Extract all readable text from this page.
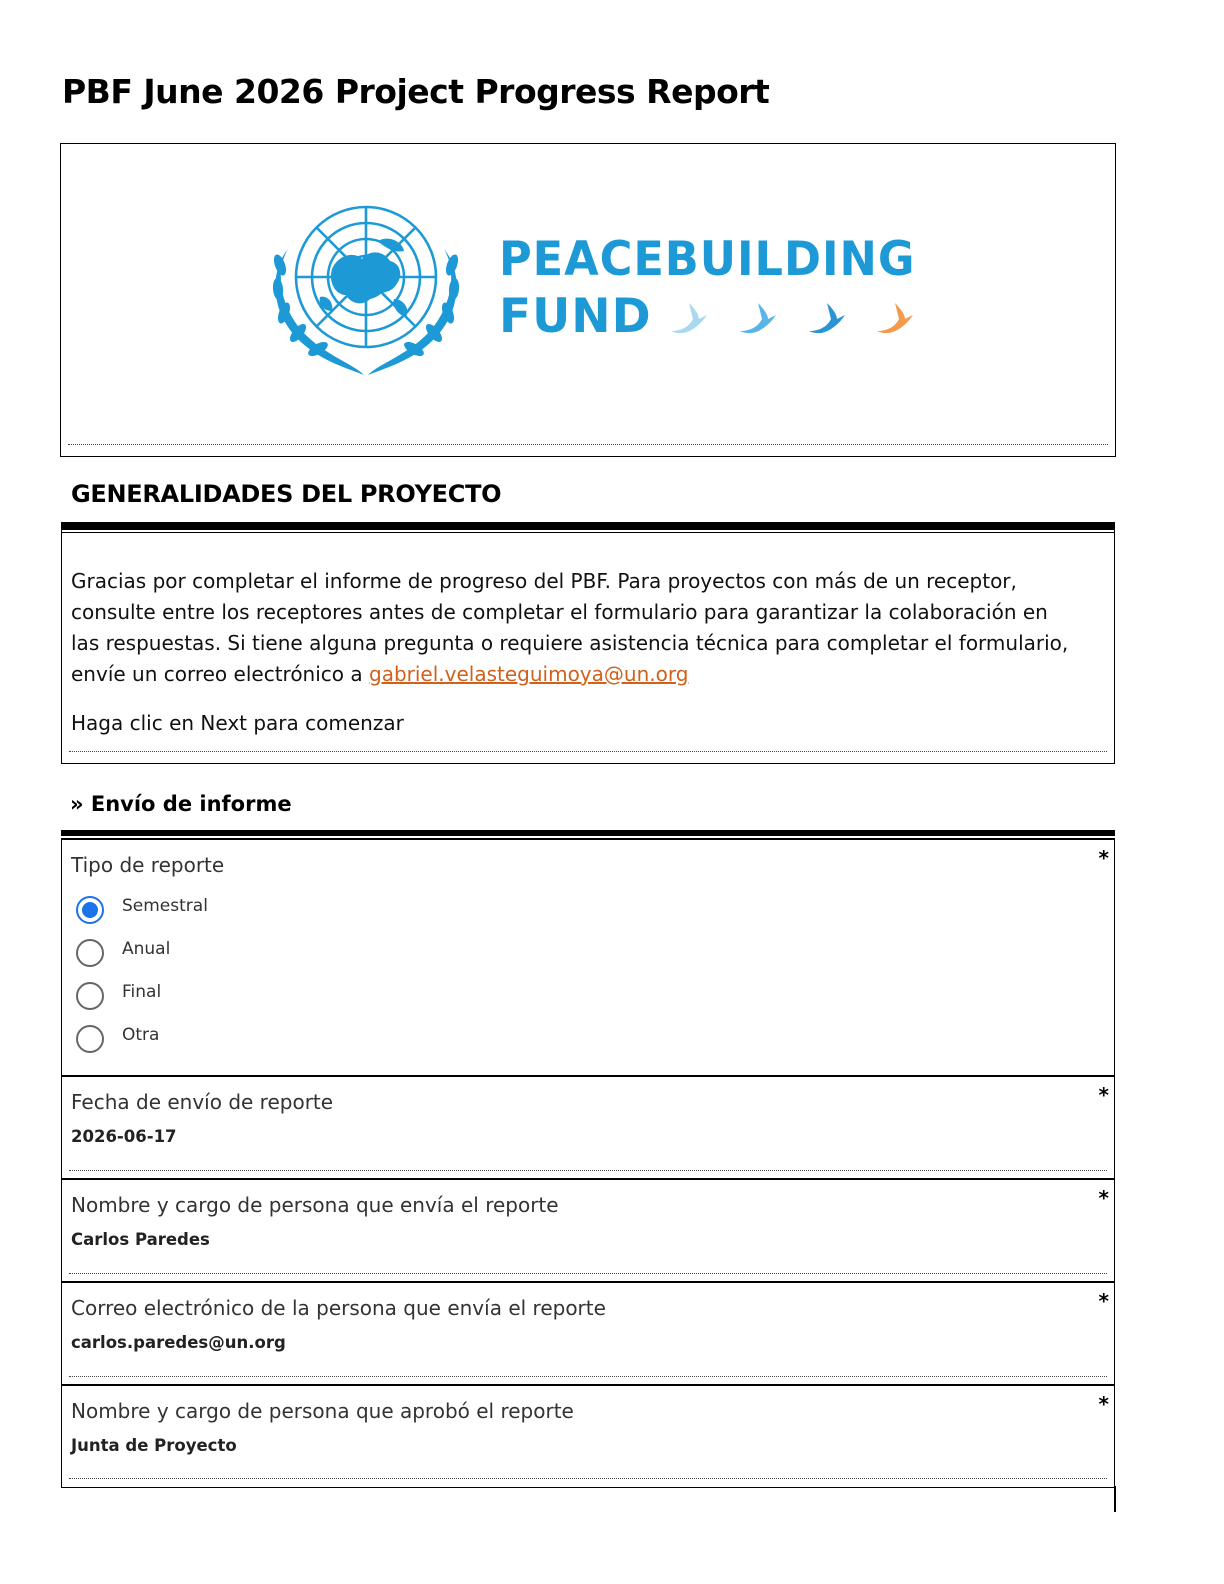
PBF June 2026 Project Progress Report
PEACEBUILDING
FUND
GENERALIDADES DEL PROYECTO

Gracias por completar el informe de progreso del PBF. Para proyectos con más de un receptor, consulte entre los receptores antes de completar el formulario para garantizar la colaboración en las respuestas. Si tiene alguna pregunta o requiere asistencia técnica para completar el formulario, envíe un correo electrónico a gabriel.velasteguimoya@un.org

Haga clic en Next para comenzar

» Envío de informe

Tipo de reporte	*
Semestral
Anual
Final
Otra

Fecha de envío de reporte	*

2026-06-17

Nombre y cargo de persona que envía el reporte	*

Carlos Paredes

Correo electrónico de la persona que envía el reporte	*

carlos.paredes@un.org

Nombre y cargo de persona que aprobó el reporte	*

Junta de Proyecto
